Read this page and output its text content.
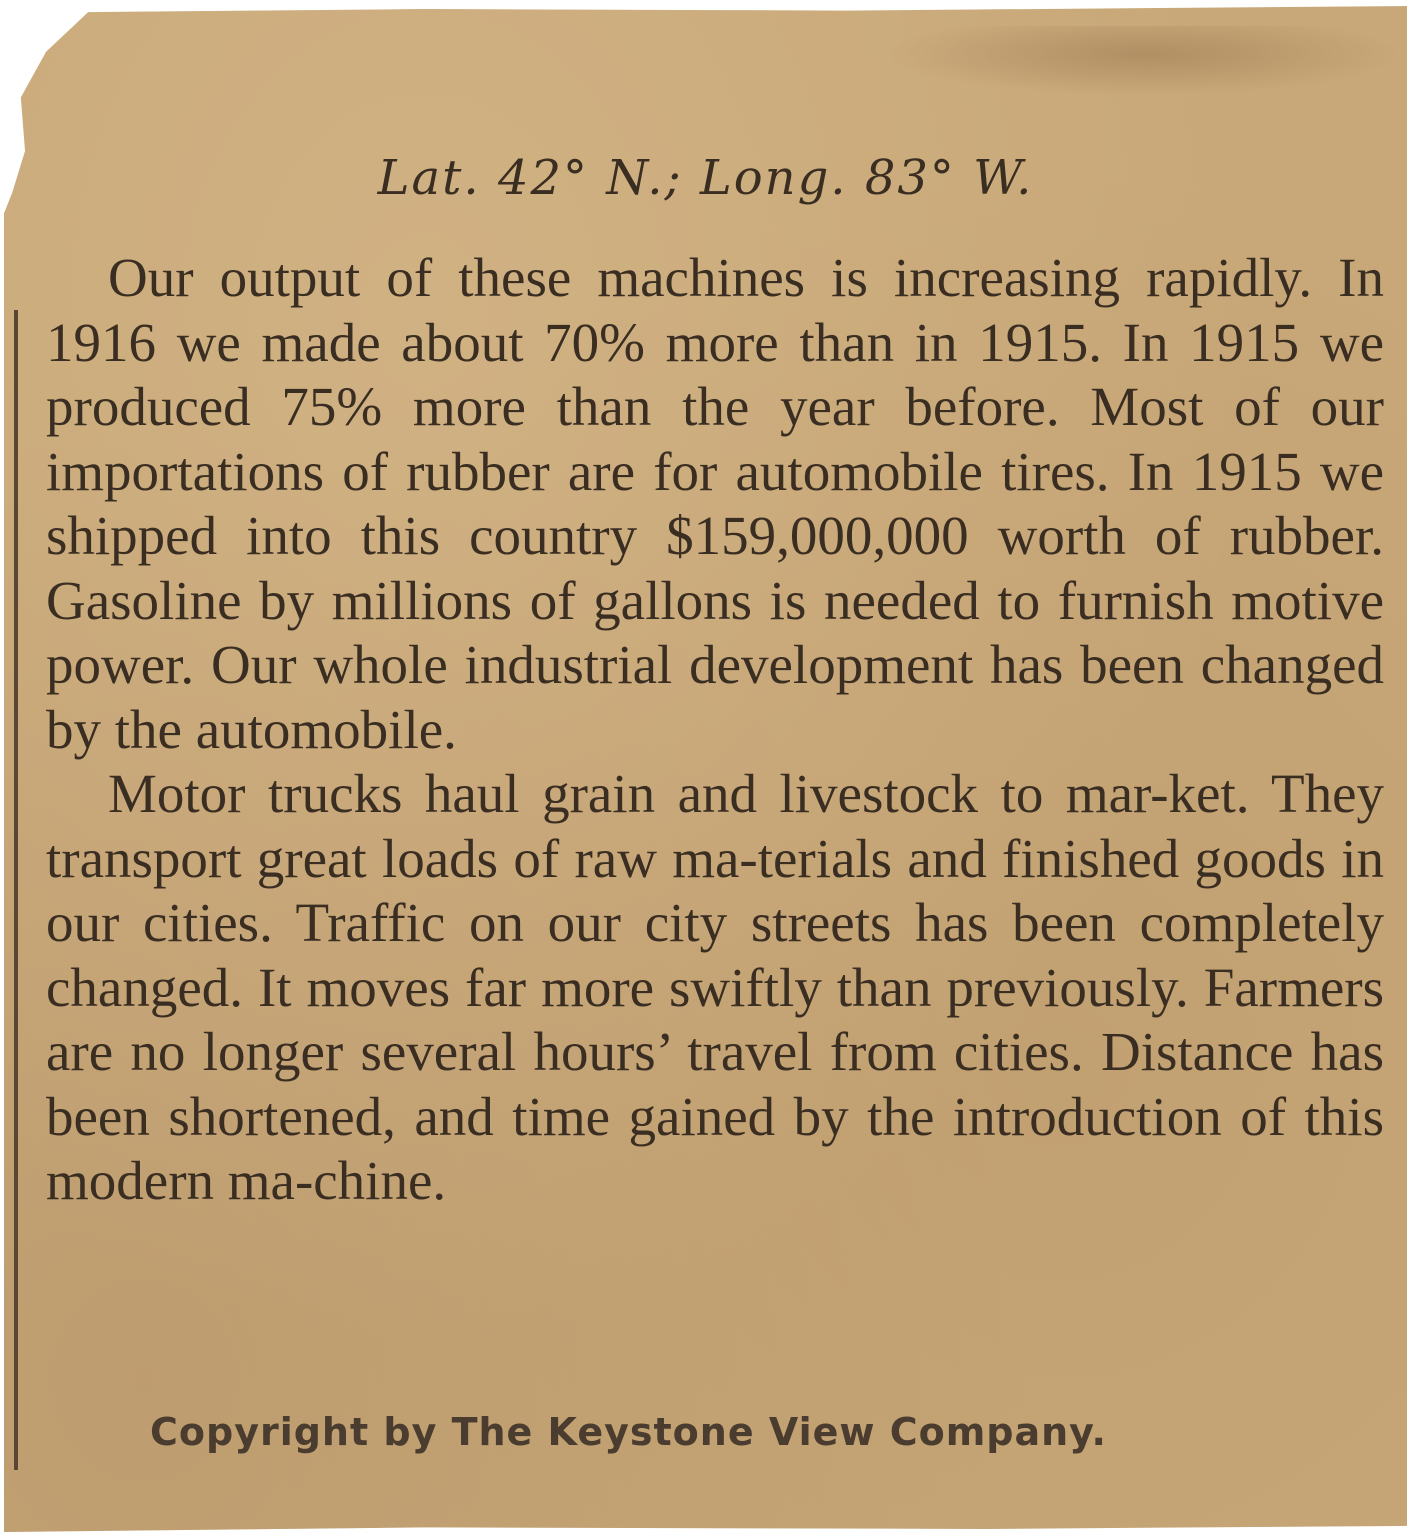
Lat. 42° N.; Long. 83° W.

Our output of these machines is increasing rapidly. In 1916 we made about 70% more than in 1915. In 1915 we produced 75% more than the year before. Most of our importations of rubber are for automobile tires. In 1915 we shipped into this country $159,000,000 worth of rubber. Gasoline by millions of gallons is needed to furnish motive power. Our whole industrial development has been changed by the automobile.

Motor trucks haul grain and livestock to mar-ket. They transport great loads of raw ma-terials and finished goods in our cities. Traffic on our city streets has been completely changed. It moves far more swiftly than previously. Farmers are no longer several hours’ travel from cities. Distance has been shortened, and time gained by the introduction of this modern ma-chine.

Copyright by The Keystone View Company.
